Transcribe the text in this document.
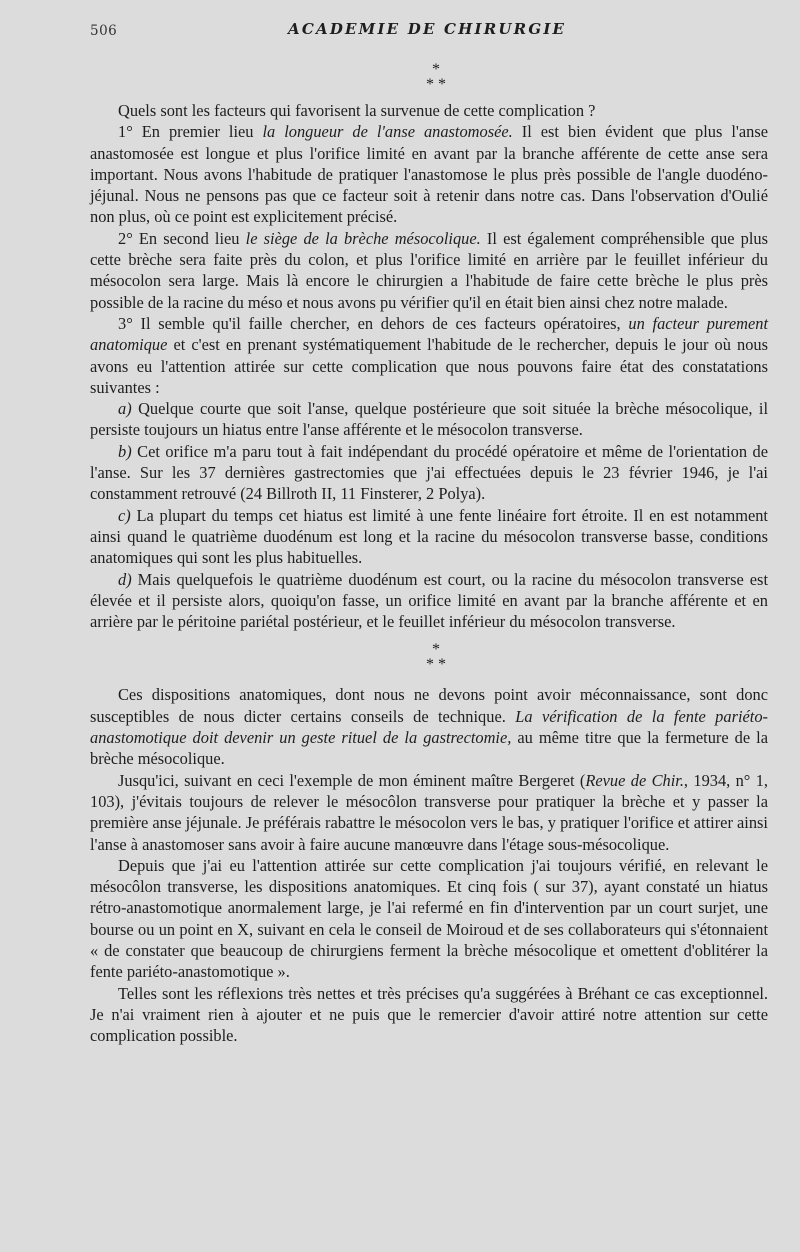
506	ACADEMIE DE CHIRURGIE

*

* *

Quels sont les facteurs qui favorisent la survenue de cette complication ?

1° En premier lieu la longueur de l'anse anastomosée. Il est bien évident que plus l'anse anastomosée est longue et plus l'orifice limité en avant par la branche afférente de cette anse sera important. Nous avons l'habitude de pratiquer l'anastomose le plus près possible de l'angle duodéno-jéjunal. Nous ne pensons pas que ce facteur soit à retenir dans notre cas. Dans l'observation d'Oulié non plus, où ce point est explicitement précisé.

2° En second lieu le siège de la brèche mésocolique. Il est également compréhensible que plus cette brèche sera faite près du colon, et plus l'orifice limité en arrière par le feuillet inférieur du mésocolon sera large. Mais là encore le chirurgien a l'habitude de faire cette brèche le plus près possible de la racine du méso et nous avons pu vérifier qu'il en était bien ainsi chez notre malade.

3° Il semble qu'il faille chercher, en dehors de ces facteurs opératoires, un facteur purement anatomique et c'est en prenant systématiquement l'habitude de le rechercher, depuis le jour où nous avons eu l'attention attirée sur cette complication que nous pouvons faire état des constatations suivantes :

a) Quelque courte que soit l'anse, quelque postérieure que soit située la brèche mésocolique, il persiste toujours un hiatus entre l'anse afférente et le mésocolon transverse.

b) Cet orifice m'a paru tout à fait indépendant du procédé opératoire et même de l'orientation de l'anse. Sur les 37 dernières gastrectomies que j'ai effectuées depuis le 23 février 1946, je l'ai constamment retrouvé (24 Billroth II, 11 Finsterer, 2 Polya).

c) La plupart du temps cet hiatus est limité à une fente linéaire fort étroite. Il en est notamment ainsi quand le quatrième duodénum est long et la racine du mésocolon transverse basse, conditions anatomiques qui sont les plus habituelles.

d) Mais quelquefois le quatrième duodénum est court, ou la racine du mésocolon transverse est élevée et il persiste alors, quoiqu'on fasse, un orifice limité en avant par la branche afférente et en arrière par le péritoine pariétal postérieur, et le feuillet inférieur du mésocolon transverse.

*

* *

Ces dispositions anatomiques, dont nous ne devons point avoir méconnaissance, sont donc susceptibles de nous dicter certains conseils de technique. La vérification de la fente pariéto-anastomotique doit devenir un geste rituel de la gastrectomie, au même titre que la fermeture de la brèche mésocolique.

Jusqu'ici, suivant en ceci l'exemple de mon éminent maître Bergeret (Revue de Chir., 1934, n° 1, 103), j'évitais toujours de relever le mésocôlon transverse pour pratiquer la brèche et y passer la première anse jéjunale. Je préférais rabattre le mésocolon vers le bas, y pratiquer l'orifice et attirer ainsi l'anse à anastomoser sans avoir à faire aucune manœuvre dans l'étage sous-mésocolique.

Depuis que j'ai eu l'attention attirée sur cette complication j'ai toujours vérifié, en relevant le mésocôlon transverse, les dispositions anatomiques. Et cinq fois ( sur 37), ayant constaté un hiatus rétro-anastomotique anormalement large, je l'ai refermé en fin d'intervention par un court surjet, une bourse ou un point en X, suivant en cela le conseil de Moiroud et de ses collaborateurs qui s'étonnaient « de constater que beaucoup de chirurgiens ferment la brèche mésocolique et omettent d'oblitérer la fente pariéto-anastomotique ».

Telles sont les réflexions très nettes et très précises qu'a suggérées à Bréhant ce cas exceptionnel. Je n'ai vraiment rien à ajouter et ne puis que le remercier d'avoir attiré notre attention sur cette complication possible.
